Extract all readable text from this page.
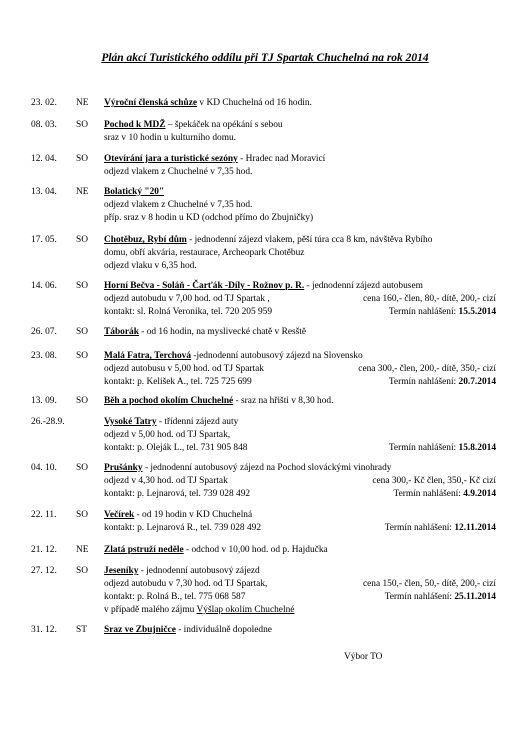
Plán akcí Turistického oddílu při TJ Spartak Chuchelná na rok 2014
23. 02. NE Výroční členská schůze v KD Chuchelná od 16 hodin.
08. 03. SO Pochod k MDŽ – špekáček na opékání s sebou
sraz v 10 hodin u kulturního domu.
12. 04. SO Otevírání jara a turistické sezóny - Hradec nad Moravicí
odjezd vlakem z Chuchelné v 7,35 hod.
13. 04. NE Bolatický "20"
odjezd vlakem z Chuchelné v 7,35 hod.
příp. sraz v 8 hodin u KD (odchod přímo do Zbujničky)
17. 05. SO Chotěbuz, Rybí dům - jednodenní zájezd vlakem, pěší túra cca 8 km, návštěva Rybího
domu, obří akvária, restaurace, Archeopark Chotěbuz
odjezd vlaku v 6,35 hod.
14. 06. SO Horní Bečva - Soláň - Čarťák -Díly - Rožnov p. R. - jednodenní zájezd autobusem
odjezd autobudu v 7,00 hod. od TJ Spartak ,	cena 160,- člen, 80,- dítě, 200,- cizí
kontakt: sl. Rolná Veronika, tel. 720 205 959	Termín nahlášení: 15.5.2014
26. 07. SO Táborák - od 16 hodin, na myslivecké chatě v Resště
23. 08. SO Malá Fatra, Terchová -jednodenní autobusový zájezd na Slovensko
odjezd autobusu v 5,00 hod. od TJ Spartak	cena 300,- člen, 200,- dítě, 350,- cizí
kontakt: p. Kelíšek A., tel. 725 725 699	Termín nahlášení: 20.7.2014
13. 09. SO Běh a pochod okolím Chuchelné - sraz na hřišti v 8,30 hod.
26.-28.9.	Vysoké Tatry - třídenní zájezd auty
odjezd v 5,00 hod. od TJ Spartak,
kontakt: p. Oleják L., tel. 731 905 848	Termín nahlášení: 15.8.2014
04. 10. SO Prušánky - jednodenní autobusový zájezd na Pochod slováckými vinohrady
odjezd v 4,30 hod. od TJ Spartak	cena 300,- Kč člen, 350,- Kč cizí
kontakt: p. Lejnarová, tel. 739 028 492	Termín nahlášení: 4.9.2014
22. 11. SO Večírek - od 19 hodin v KD Chuchelná
kontakt: p. Lejnarová R., tel. 739 028 492	Termín nahlášení: 12.11.2014
21. 12. NE Zlatá pstruží neděle - odchod v 10,00 hod. od p. Hajdučka
27. 12. SO Jeseníky - jednodenní autobusový zájezd
odjezd autobudu v 7,30 hod. od TJ Spartak,	cena 150,- člen, 50,- dítě, 200,- cizí
kontakt: p. Rolná B., tel. 775 068 587	Termín nahlášení: 25.11.2014
v případě malého zájmu Výšlap okolím Chuchelné
31. 12. ST Sraz ve Zbujničce - individuálně dopoledne
Výbor TO
